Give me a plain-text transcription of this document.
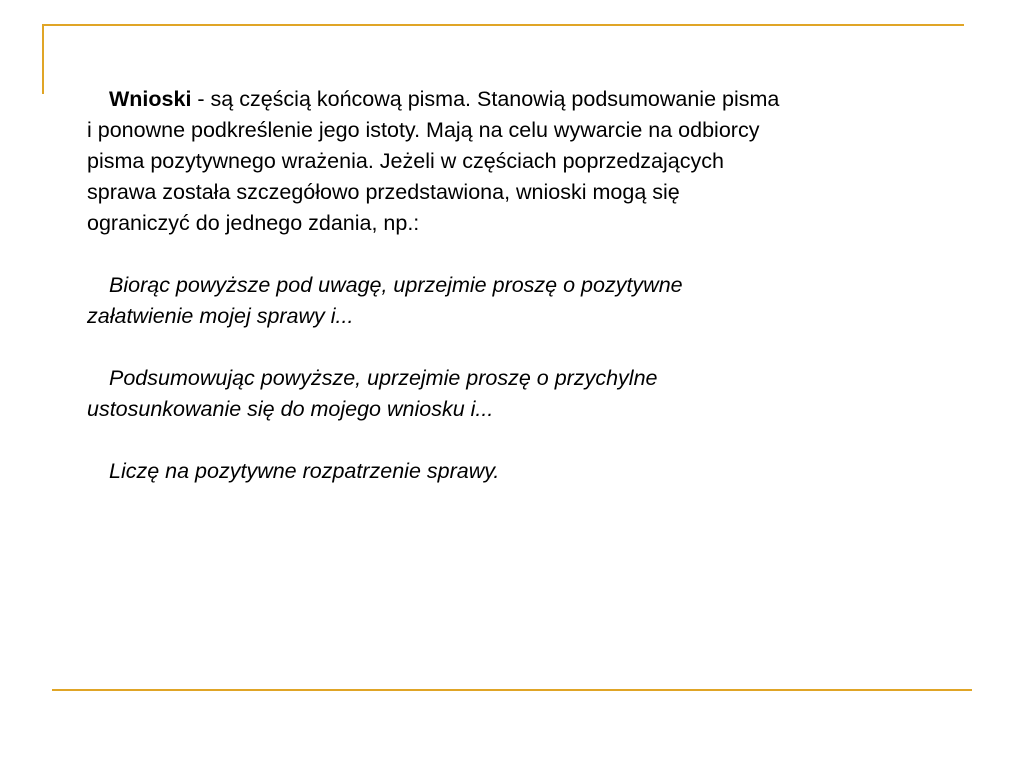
Wnioski - są częścią końcową pisma. Stanowią podsumowanie pisma
i ponowne podkreślenie jego istoty. Mają na celu wywarcie na odbiorcy
pisma pozytywnego wrażenia. Jeżeli w częściach poprzedzających
sprawa została szczegółowo przedstawiona, wnioski mogą się
ograniczyć do jednego zdania, np.:

Biorąc powyższe pod uwagę, uprzejmie proszę o pozytywne
załatwienie mojej sprawy i...

Podsumowując powyższe, uprzejmie proszę o przychylne
ustosunkowanie się do mojego wniosku i...

Liczę na pozytywne rozpatrzenie sprawy.
